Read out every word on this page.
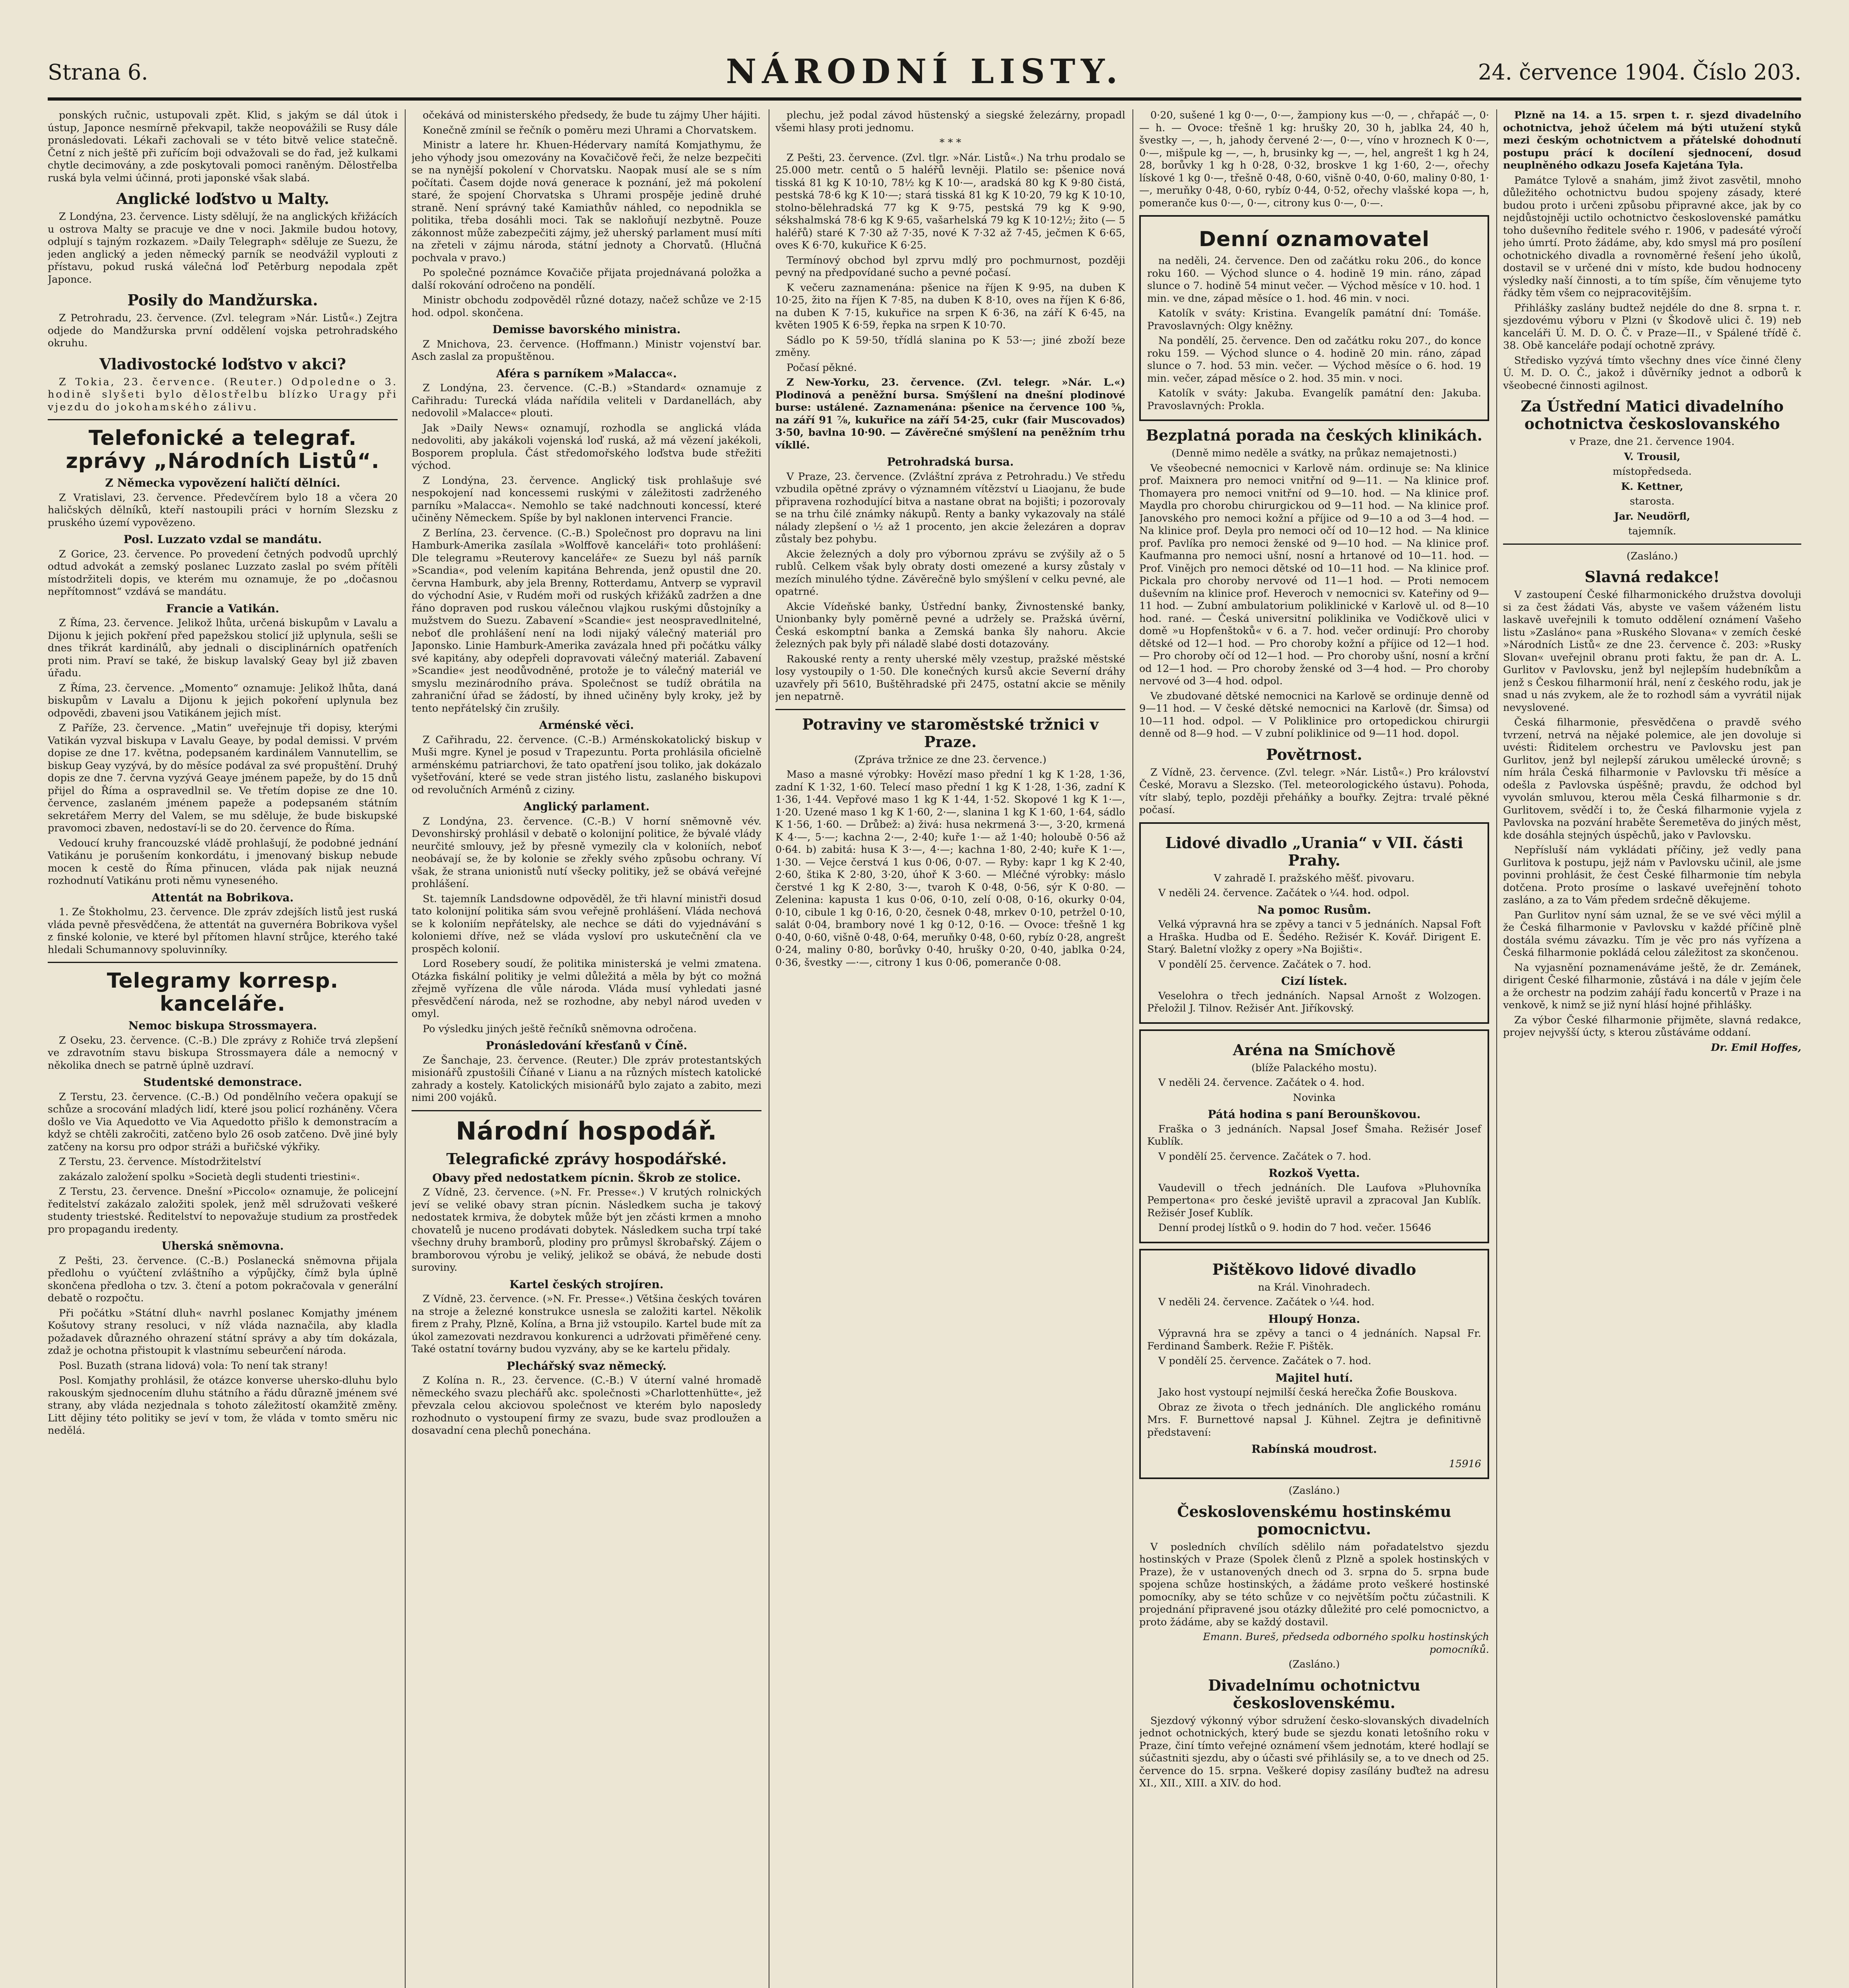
Strana 6.	NÁRODNÍ LISTY.	24. července 1904. Číslo 203.

ponských ručnic, ustupovali zpět. Klid, s jakým se dál útok i ústup, Japonce nesmírně překvapil, takže neopovážili se Rusy dále pronásledovati. Lékaři zachovali se v této bitvě velice statečně. Četní z nich ještě při zuřícím boji odvažovali se do řad, jež kulkami chytle decimovány, a zde poskytovali pomoci raněným. Dělostřelba ruská byla velmi účinná, proti japonské však slabá.

Anglické loďstvo u Malty.

Z Londýna, 23. července. Listy sdělují, že na anglických křižácích u ostrova Malty se pracuje ve dne v noci. Jakmile budou hotovy, odplují s tajným rozkazem. »Daily Telegraph« sděluje ze Suezu, že jeden anglický a jeden německý parník se neodvážil vyplouti z přístavu, pokud ruská válečná loď Petěrburg nepodala zpět Japonce.

Posily do Mandžurska.

Z Petrohradu, 23. července. (Zvl. telegram »Nár. Listů«.) Zejtra odjede do Mandžurska první oddělení vojska petrohradského okruhu.

Vladivostocké loďstvo v akci?

Z Tokia, 23. července. (Reuter.) Odpoledne o 3. hodině slyšeti bylo dělostřelbu blízko Uragy při vjezdu do jokohamského zálivu.

Telefonické a telegraf. zprávy „Národních Listů“.
Z Německa vypovězení haličtí dělníci.

Z Vratislavi, 23. července. Předevčírem bylo 18 a včera 20 haličských dělníků, kteří nastoupili práci v horním Slezsku z pruského území vypovězeno.

Posl. Luzzato vzdal se mandátu.

Z Gorice, 23. července. Po provedení četných podvodů uprchlý odtud advokát a zemský poslanec Luzzato zaslal po svém přítěli místodržiteli dopis, ve kterém mu oznamuje, že po „dočasnou nepřítomnost“ vzdává se mandátu.

Francie a Vatikán.

Z Říma, 23. července. Jelikož lhůta, určená biskupům v Lavalu a Dijonu k jejich pokření před papežskou stolicí již uplynula, sešli se dnes třikrát kardinálů, aby jednali o disciplinárních opatřeních proti nim. Praví se také, že biskup lavalský Geay byl již zbaven úřadu.

Z Říma, 23. července. „Momento“ oznamuje: Jelikož lhůta, daná biskupům v Lavalu a Dijonu k jejich pokoření uplynula bez odpovědi, zbaveni jsou Vatikánem jejich míst.

Z Paříže, 23. července. „Matin“ uveřejnuje tři dopisy, kterými Vatikán vyzval biskupa v Lavalu Geaye, by podal demissi. V prvém dopise ze dne 17. května, podepsaném kardinálem Vannutellim, se biskup Geay vyzývá, by do měsíce podával za své propuštění. Druhý dopis ze dne 7. června vyzývá Geaye jménem papeže, by do 15 dnů přijel do Říma a ospravedlnil se. Ve třetím dopise ze dne 10. července, zaslaném jménem papeže a podepsaném státním sekretářem Merry del Valem, se mu sděluje, že bude biskupské pravomoci zbaven, nedostaví-li se do 20. července do Říma.

Vedoucí kruhy francouzské vládě prohlašují, že podobné jednání Vatikánu je porušením konkordátu, i jmenovaný biskup nebude mocen k cestě do Říma přinucen, vláda pak nijak neuzná rozhodnutí Vatikánu proti němu vyneseného.

Attentát na Bobrikova.

1. Ze Štokholmu, 23. července. Dle zpráv zdejších listů jest ruská vláda pevně přesvědčena, že attentát na guvernéra Bobrikova vyšel z finské kolonie, ve které byl přítomen hlavní strůjce, kterého také hledali Schumannovy spoluvinníky.

Telegramy korresp. kanceláře.
Nemoc biskupa Strossmayera.

Z Oseku, 23. července. (C.-B.) Dle zprávy z Rohiče trvá zlepšení ve zdravotním stavu biskupa Strossmayera dále a nemocný v několika dnech se patrně úplně uzdraví.

Studentské demonstrace.

Z Terstu, 23. července. (C.-B.) Od pondělního večera opakují se schůze a srocování mladých lidí, které jsou policí rozháněny. Včera došlo ve Via Aquedotto ve Via Aquedotto přišlo k demonstracím a když se chtěli zakročiti, zatčeno bylo 26 osob zatčeno. Dvě jiné byly zatčeny na korsu pro odpor stráži a buřičské výkřiky.

Z Terstu, 23. července. Místodržitelství

zakázalo založení spolku »Società degli studenti triestini«.

Z Terstu, 23. července. Dnešní »Piccolo« oznamuje, že policejní ředitelství zakázalo založiti spolek, jenž měl sdružovati veškeré studenty triestské. Ředitelství to nepovažuje studium za prostředek pro propagandu iredenty.

Uherská sněmovna.

Z Pešti, 23. července. (C.-B.) Poslanecká sněmovna přijala předlohu o vyúčtení zvláštního a výpůjčky, čímž byla úplně skončena předloha o tzv. 3. čtení a potom pokračovala v generální debatě o rozpočtu.

Při počátku »Státní dluh« navrhl poslanec Komjathy jménem Košutovy strany resoluci, v níž vláda naznačila, aby kladla požadavek důrazného ohrazení státní správy a aby tím dokázala, zdaž je ochotna přistoupit k vlastnímu sebeurčení národa.

Posl. Buzath (strana lidová) vola: To není tak strany!

Posl. Komjathy prohlásil, že otázce konverse uhersko-dluhu bylo rakouským sjednocením dluhu státního a řádu důrazně jménem své strany, aby vláda nezjednala s tohoto záležitostí okamžitě změny. Litt dějiny této politiky se jeví v tom, že vláda v tomto směru nic nedělá.

očekává od ministerského předsedy, že bude tu zájmy Uher hájiti.

Konečně zmínil se řečník o poměru mezi Uhrami a Chorvatskem.

Ministr a latere hr. Khuen-Hédervary namítá Komjathymu, že jeho výhody jsou omezovány na Kovačičově řeči, že nelze bezpečiti se na nynější pokolení v Chorvatsku. Naopak musí ale se s ním počítati. Časem dojde nová generace k poznání, jež má pokolení staré, že spojení Chorvatska s Uhrami prospěje jedině druhé straně. Není správný také Kamiathův náhled, co nepodnikla se politika, třeba dosáhli moci. Tak se nakloňují nezbytně. Pouze zákonnost může zabezpečiti zájmy, jež uherský parlament musí míti na zřeteli v zájmu národa, státní jednoty a Chorvatů. (Hlučná pochvala v pravo.)

Po společné poznámce Kovačiče přijata projednávaná položka a další rokování odročeno na pondělí.

Ministr obchodu zodpověděl různé dotazy, načež schůze ve 2·15 hod. odpol. skončena.

Demisse bavorského ministra.

Z Mnichova, 23. července. (Hoffmann.) Ministr vojenství bar. Asch zaslal za propuštěnou.

Aféra s parníkem »Malacca«.

Z Londýna, 23. července. (C.-B.) »Standard« oznamuje z Cařihradu: Turecká vláda nařídila veliteli v Dardanellách, aby nedovolil »Malacce« plouti.

Jak »Daily News« oznamují, rozhodla se anglická vláda nedovoliti, aby jakákoli vojenská loď ruská, až má vězení jakékoli, Bosporem proplula. Část středomořského loďstva bude střežiti východ.

Z Londýna, 23. července. Anglický tisk prohlašuje své nespokojení nad koncessemi ruskými v záležitosti zadrženého parníku »Malacca«. Nemohlo se také nadchnouti koncessí, které učiněny Německem. Spíše by byl naklonen intervenci Francie.

Z Berlína, 23. července. (C.-B.) Společnost pro dopravu na lini Hamburk-Amerika zasílala »Wolffově kanceláři« toto prohlášení: Dle telegramu »Reuterovy kanceláře« ze Suezu byl náš parník »Scandia«, pod velením kapitána Behrenda, jenž opustil dne 20. června Hamburk, aby jela Brenny, Rotterdamu, Antverp se vypravil do východní Asie, v Rudém moři od ruských křižáků zadržen a dne řáno dopraven pod ruskou válečnou vlajkou ruskými důstojníky a mužstvem do Suezu. Zabavení »Scandie« jest neospravedlnitelné, neboť dle prohlášení není na lodi nijaký válečný materiál pro Japonsko. Linie Hamburk-Amerika zavázala hned při počátku války své kapitány, aby odepřeli dopravovati válečný materiál. Zabavení »Scandie« jest neodůvodněné, protože je to válečný materiál ve smyslu mezinárodního práva. Společnost se tudíž obrátila na zahraniční úřad se žádostí, by ihned učiněny byly kroky, jež by tento nepřátelský čin zrušily.

Arménské věci.

Z Cařihradu, 22. července. (C.-B.) Arménskokatolický biskup v Muši mgre. Kynel je posud v Trapezuntu. Porta prohlásila oficielně arménskému patriarchovi, že tato opatření jsou toliko, jak dokázalo vyšetřování, které se vede stran jistého listu, zaslaného biskupovi od revolučních Arménů z ciziny.

Anglický parlament.

Z Londýna, 23. července. (C.-B.) V horní sněmovně vév. Devonshirský prohlásil v debatě o kolonijní politice, že bývalé vlády neurčité smlouvy, jež by přesně vymezily cla v koloniích, neboť neobávají se, že by kolonie se zřekly svého způsobu ochrany. Ví však, že strana unionistů nutí všecky politiky, jež se obává veřejné prohlášení.

St. tajemník Landsdowne odpověděl, že tři hlavní ministři dosud tato kolonijní politika sám svou veřejně prohlášení. Vláda nechová se k koloniím nepřátelsky, ale nechce se dáti do vyjednávání s koloniemi dříve, než se vláda vysloví pro uskutečnění cla ve prospěch kolonií.

Lord Rosebery soudí, že politika ministerská je velmi zmatena. Otázka fiskální politiky je velmi důležitá a měla by být co možná zřejmě vyřízena dle vůle národa. Vláda musí vyhledati jasné přesvědčení národa, než se rozhodne, aby nebyl národ uveden v omyl.

Po výsledku jiných ještě řečníků sněmovna odročena.

Pronásledování křesťanů v Číně.

Ze Šanchaje, 23. července. (Reuter.) Dle zpráv protestantských misionářů zpustošili Číňané v Lianu a na různých místech katolické zahrady a kostely. Katolických misionářů bylo zajato a zabito, mezi nimi 200 vojáků.

Národní hospodář.
Telegrafické zprávy hospodářské.
Obavy před nedostatkem pícnin. Škrob ze stolice.

Z Vídně, 23. července. (»N. Fr. Presse«.) V krutých rolnických jeví se veliké obavy stran pícnin. Následkem sucha je takový nedostatek krmiva, že dobytek může být jen zčásti krmen a mnoho chovatelů je nuceno prodávati dobytek. Následkem sucha trpí také všechny druhy bramborů, plodiny pro průmysl škrobařský. Zájem o bramborovou výrobu je veliký, jelikož se obává, že nebude dosti suroviny.

Kartel českých strojíren.

Z Vídně, 23. července. (»N. Fr. Presse«.) Většina českých továren na stroje a železné konstrukce usnesla se založiti kartel. Několik firem z Prahy, Plzně, Kolína, a Brna již vstoupilo. Kartel bude mít za úkol zamezovati nezdravou konkurenci a udržovati přiměřené ceny. Také ostatní továrny budou vyzvány, aby se ke kartelu přidaly.

Plechářský svaz německý.

Z Kolína n. R., 23. července. (C.-B.) V úterní valné hromadě německého svazu plechářů akc. společnosti »Charlottenhütte«, jež převzala celou akciovou společnost ve kterém bylo naposledy rozhodnuto o vystoupení firmy ze svazu, bude svaz prodloužen a dosavadní cena plechů ponechána.

plechu, jež podal závod hüstenský a siegské železárny, propadl všemi hlasy proti jednomu.

* * *

Z Pešti, 23. července. (Zvl. tlgr. »Nár. Listů«.) Na trhu prodalo se 25.000 metr. centů o 5 haléřů levněji. Platilo se: pšenice nová tisská 81 kg K 10·10, 78½ kg K 10·—, aradská 80 kg K 9·80 čistá, pestská 78·6 kg K 10·—; stará tisská 81 kg K 10·20, 79 kg K 10·10, stolno-bělehradská 77 kg K 9·75, pestská 79 kg K 9·90, sékshalmská 78·6 kg K 9·65, vašarhelská 79 kg K 10·12½; žito (— 5 haléřů) staré K 7·30 až 7·35, nové K 7·32 až 7·45, ječmen K 6·65, oves K 6·70, kukuřice K 6·25.

Termínový obchod byl zprvu mdlý pro pochmurnost, později pevný na předpovídané sucho a pevné počasí.

K večeru zaznamenána: pšenice na říjen K 9·95, na duben K 10·25, žito na říjen K 7·85, na duben K 8·10, oves na říjen K 6·86, na duben K 7·15, kukuřice na srpen K 6·36, na září K 6·45, na květen 1905 K 6·59, řepka na srpen K 10·70.

Sádlo po K 59·50, třídlá slanina po K 53·—; jiné zboží beze změny.

Počasí pěkné.

Z New-Yorku, 23. července. (Zvl. telegr. »Nár. L.«) Plodinová a peněžní bursa. Smýšlení na dnešní plodinové burse: ustálené. Zaznamenána: pšenice na července 100 ⅝, na září 91 ⅞, kukuřice na září 54·25, cukr (fair Muscovados) 3·50, bavlna 10·90. — Závěrečné smýšlení na peněžním trhu víkllé.

Petrohradská bursa.

V Praze, 23. července. (Zvláštní zpráva z Petrohradu.) Ve středu vzbudila opětné zprávy o významném vítězství u Liaojanu, že bude připravena rozhodující bitva a nastane obrat na bojišti; i pozorovaly se na trhu čilé známky nákupů. Renty a banky vykazovaly na stálé nálady zlepšení o ½ až 1 procento, jen akcie železáren a doprav zůstaly bez pohybu.

Akcie železných a doly pro výbornou zprávu se zvýšily až o 5 rublů. Celkem však byly obraty dosti omezené a kursy zůstaly v mezích minulého týdne. Závěrečně bylo smýšlení v celku pevné, ale opatrné.

Akcie Vídeňské banky, Ústřední banky, Živnostenské banky, Unionbanky byly poměrně pevné a udržely se. Pražská úvěrní, Česká eskomptní banka a Zemská banka šly nahoru. Akcie železných pak byly při náladě slabé dosti dotazovány.

Rakouské renty a renty uherské měly vzestup, pražské městské losy vystoupily o 1·50. Dle konečných kursů akcie Severní dráhy uzavřely při 5610, Buštěhradské při 2475, ostatní akcie se měnily jen nepatrně.

Potraviny ve staroměstské tržnici v Praze.

(Zpráva tržnice ze dne 23. července.)

Maso a masné výrobky: Hovězí maso přední 1 kg K 1·28, 1·36, zadní K 1·32, 1·60. Telecí maso přední 1 kg K 1·28, 1·36, zadní K 1·36, 1·44. Vepřové maso 1 kg K 1·44, 1·52. Skopové 1 kg K 1·—, 1·20. Uzené maso 1 kg K 1·60, 2·—, slanina 1 kg K 1·60, 1·64, sádlo K 1·56, 1·60. — Drůbež: a) živá: husa nekrmená 3·—, 3·20, krmená K 4·—, 5·—; kachna 2·—, 2·40; kuře 1·— až 1·40; holoubě 0·56 až 0·64. b) zabitá: husa K 3·—, 4·—; kachna 1·80, 2·40; kuře K 1·—, 1·30. — Vejce čerstvá 1 kus 0·06, 0·07. — Ryby: kapr 1 kg K 2·40, 2·60, štika K 2·80, 3·20, úhoř K 3·60. — Mléčné výrobky: máslo čerstvé 1 kg K 2·80, 3·—, tvaroh K 0·48, 0·56, sýr K 0·80. — Zelenina: kapusta 1 kus 0·06, 0·10, zelí 0·08, 0·16, okurky 0·04, 0·10, cibule 1 kg 0·16, 0·20, česnek 0·48, mrkev 0·10, petržel 0·10, salát 0·04, brambory nové 1 kg 0·12, 0·16. — Ovoce: třešně 1 kg 0·40, 0·60, višně 0·48, 0·64, meruňky 0·48, 0·60, rybíz 0·28, angrešt 0·24, maliny 0·80, borůvky 0·40, hrušky 0·20, 0·40, jablka 0·24, 0·36, švestky —·—, citrony 1 kus 0·06, pomeranče 0·08.

0·20, sušené 1 kg 0·—, 0·—, žampiony kus —·0, — , chřapáč —, 0·— h. — Ovoce: třešně 1 kg: hrušky 20, 30 h, jablka 24, 40 h, švestky —, —, h, jahody červené 2·—, 0·—, víno v hroznech K 0·—, 0·—, mišpule kg —, —, h, brusinky kg —, —, hel, angrešt 1 kg h 24, 28, borůvky 1 kg h 0·28, 0·32, broskve 1 kg 1·60, 2·—, ořechy lískové 1 kg 0·—, třešně 0·48, 0·60, višně 0·40, 0·60, maliny 0·80, 1·—, meruňky 0·48, 0·60, rybíz 0·44, 0·52, ořechy vlašské kopa —, h, pomeranče kus 0·—, 0·—, citrony kus 0·—, 0·—.

Denní oznamovatel

na neděli, 24. července. Den od začátku roku 206., do konce roku 160. — Východ slunce o 4. hodině 19 min. ráno, západ slunce o 7. hodině 54 minut večer. — Východ měsíce v 10. hod. 1 min. ve dne, západ měsíce o 1. hod. 46 min. v noci.

Katolík v sváty: Kristina. Evangelík památní dní: Tomáše. Pravoslavných: Olgy kněžny.

Na pondělí, 25. července. Den od začátku roku 207., do konce roku 159. — Východ slunce o 4. hodině 20 min. ráno, západ slunce o 7. hod. 53 min. večer. — Východ měsíce o 6. hod. 19 min. večer, západ měsíce o 2. hod. 35 min. v noci.

Katolík v sváty: Jakuba. Evangelík památní den: Jakuba. Pravoslavných: Prokla.

Bezplatná porada na českých klinikách.

(Denně mimo neděle a svátky, na průkaz nemajetnosti.)

Ve všeobecné nemocnici v Karlově nám. ordinuje se: Na klinice prof. Maixnera pro nemoci vnitřní od 9—11. — Na klinice prof. Thomayera pro nemoci vnitřní od 9—10. hod. — Na klinice prof. Maydla pro chorobu chirurgickou od 9—11 hod. — Na klinice prof. Janovského pro nemoci kožní a příjice od 9—10 a od 3—4 hod. — Na klinice prof. Deyla pro nemoci očí od 10—12 hod. — Na klinice prof. Pavlíka pro nemoci ženské od 9—10 hod. — Na klinice prof. Kaufmanna pro nemoci ušní, nosní a hrtanové od 10—11. hod. — Prof. Vinějch pro nemoci dětské od 10—11 hod. — Na klinice prof. Pickala pro choroby nervové od 11—1 hod. — Proti nemocem duševním na klinice prof. Heveroch v nemocnici sv. Kateřiny od 9—11 hod. — Zubní ambulatorium poliklinické v Karlově ul. od 8—10 hod. rané. — Česká universitní poliklinika ve Vodičkově ulici v domě »u Hopfenštoků« v 6. a 7. hod. večer ordinují: Pro choroby dětské od 12—1 hod. — Pro choroby kožní a příjice od 12—1 hod. — Pro choroby očí od 12—1 hod. — Pro choroby ušní, nosní a krční od 12—1 hod. — Pro choroby ženské od 3—4 hod. — Pro choroby nervové od 3—4 hod. odpol.

Ve zbudované dětské nemocnici na Karlově se ordinuje denně od 9—11 hod. — V české dětské nemocnici na Karlově (dr. Šimsa) od 10—11 hod. odpol. — V Poliklinice pro ortopedickou chirurgii denně od 8—9 hod. — V zubní poliklinice od 9—11 hod. dopol.

Povětrnost.

Z Vídně, 23. července. (Zvl. telegr. »Nár. Listů«.) Pro království České, Moravu a Slezsko. (Tel. meteorologického ústavu). Pohoda, vítr slabý, teplo, později přeháňky a bouřky. Zejtra: trvalé pěkné počasí.

Lidové divadlo „Urania“ v VII. části Prahy.

V zahradě I. pražského měšť. pivovaru.

V neděli 24. července. Začátek o ¼4. hod. odpol.

Na pomoc Rusům.

Velká výpravná hra se zpěvy a tanci v 5 jednáních. Napsal Foft a Hraška. Hudba od E. Šedého. Režisér K. Kovář. Dirigent E. Starý. Baletní vložky z opery »Na Bojišti«.

V pondělí 25. července. Začátek o 7. hod.

Cizí lístek.

Veselohra o třech jednáních. Napsal Arnošt z Wolzogen. Přeložil J. Tilnov. Režisér Ant. Jiříkovský.

Aréna na Smíchově

(blíže Palackého mostu).

V neděli 24. července. Začátek o 4. hod.

Novinka

Pátá hodina s paní Berounškovou.

Fraška o 3 jednáních. Napsal Josef Šmaha. Režisér Josef Kublík.

V pondělí 25. července. Začátek o 7. hod.

Rozkoš Vyetta.

Vaudevill o třech jednáních. Dle Laufova »Pluhovníka Pempertona« pro české jeviště upravil a zpracoval Jan Kublík. Režisér Josef Kublík.

Denní prodej lístků o 9. hodin do 7 hod. večer. 15646

Pištěkovo lidové divadlo

na Král. Vinohradech.

V neděli 24. července. Začátek o ¼4. hod.

Hloupý Honza.

Výpravná hra se zpěvy a tanci o 4 jednáních. Napsal Fr. Ferdinand Šamberk. Režie F. Pištěk.

V pondělí 25. července. Začátek o 7. hod.

Majitel hutí.

Jako host vystoupí nejmilší česká herečka Žofie Bouskova.

Obraz ze života o třech jednáních. Dle anglického románu Mrs. F. Burnettové napsal J. Kühnel. Zejtra je definitivně představení:

Rabínská moudrost.

15916

(Zasláno.)

Československému hostinskému pomocnictvu.

V posledních chvílích sdělilo nám pořadatelstvo sjezdu hostinských v Praze (Spolek členů z Plzně a spolek hostinských v Praze), že v ustanovených dnech od 3. srpna do 5. srpna bude spojena schůze hostinských, a žádáme proto veškeré hostinské pomocníky, aby se této schůze v co největším počtu zúčastnili. K projednání připravené jsou otázky důležité pro celé pomocnictvo, a proto žádáme, aby se každý dostavil.

Emann. Bureš, předseda odborného spolku hostinských pomocníků.

(Zasláno.)

Divadelnímu ochotnictvu československému.

Sjezdový výkonný výbor sdružení česko-slovanských divadelních jednot ochotnických, který bude se sjezdu konati letošního roku v Praze, činí tímto veřejné oznámení všem jednotám, které hodlají se súčastniti sjezdu, aby o účasti své přihlásily se, a to ve dnech od 25. července do 15. srpna. Veškeré dopisy zasílány buďtež na adresu XI., XII., XIII. a XIV. do hod.

Plzně na 14. a 15. srpen t. r. sjezd divadelního ochotnictva, jehož účelem má býti utužení styků mezi českým ochotnictvem a přátelské dohodnutí postupu prácí k docílení sjednocení, dosud neuplněného odkazu Josefa Kajetána Tyla.

Památce Tylově a snahám, jimž život zasvětil, mnoho důležitého ochotnictvu budou spojeny zásady, které budou proto i určeni způsobu připravné akce, jak by co nejdůstojněji uctilo ochotnictvo československé památku toho duševního ředitele svého r. 1906, v padesáté výročí jeho úmrtí. Proto žádáme, aby, kdo smysl má pro posílení ochotnického divadla a rovnoměrné řešení jeho úkolů, dostavil se v určené dni v místo, kde budou hodnoceny výsledky naší činnosti, a to tím spíše, čím věnujeme tyto řádky těm všem co nejpracovitějším.

Přihlášky zaslány budtež nejdéle do dne 8. srpna t. r. sjezdovému výboru v Plzni (v Škodově ulici č. 19) neb kanceláři Ú. M. D. O. Č. v Praze—II., v Spálené třídě č. 38. Obě kanceláře podají ochotně zprávy.

Středisko vyzývá tímto všechny dnes více činné členy Ú. M. D. O. Č., jakož i důvěrníky jednot a odborů k všeobecné činnosti agilnost.

Za Ústřední Matici divadelního ochotnictva českoslovanského

v Praze, dne 21. července 1904.

V. Trousil,

místopředseda.

K. Kettner,

starosta.

Jar. Neudörfl,

tajemník.

(Zasláno.)

Slavná redakce!

V zastoupení České filharmonického družstva dovoluji si za čest žádati Vás, abyste ve vašem váženém listu laskavě uveřejnili k tomuto oddělení oznámení Vašeho listu »Zasláno« pana »Ruského Slovana« v zemích české »Národních Listů« ze dne 23. července č. 203: »Rusky Slovan« uveřejnil obranu proti faktu, že pan dr. A. L. Gurlitov v Pavlovsku, jenž byl nejlepším hudebníkům a jenž s Českou filharmonií hrál, není z českého rodu, jak je snad u nás zvykem, ale že to rozhodl sám a vyvrátil nijak nevyslovené.

Česká filharmonie, přesvědčena o pravdě svého tvrzení, netrvá na nějaké polemice, ale jen dovoluje si uvésti: Řiditelem orchestru ve Pavlovsku jest pan Gurlitov, jenž byl nejlepší zárukou umělecké úrovně; s ním hrála Česká filharmonie v Pavlovsku tři měsíce a odešla z Pavlovska úspěšně; pravdu, že odchod byl vyvolán smluvou, kterou měla Česká filharmonie s dr. Gurlitovem, svědčí i to, že Česká filharmonie vyjela z Pavlovska na pozvání hraběte Šeremetěva do jiných měst, kde dosáhla stejných úspěchů, jako v Pavlovsku.

Nepřísluší nám vykládati příčiny, jež vedly pana Gurlitova k postupu, jejž nám v Pavlovsku učinil, ale jsme povinni prohlásit, že čest České filharmonie tím nebyla dotčena. Proto prosíme o laskavé uveřejnění tohoto zasláno, a za to Vám předem srdečně děkujeme.

Pan Gurlitov nyní sám uznal, že se ve své věci mýlil a že Česká filharmonie v Pavlovsku v každé příčině plně dostála svému závazku. Tím je věc pro nás vyřízena a Česká filharmonie pokládá celou záležitost za skončenou.

Na vyjasnění poznamenáváme ještě, že dr. Zemánek, dirigent České filharmonie, zůstává i na dále v jejím čele a že orchestr na podzim zahájí řadu koncertů v Praze i na venkově, k nimž se již nyní hlásí hojné přihlášky.

Za výbor České filharmonie přijměte, slavná redakce, projev nejvyšší úcty, s kterou zůstáváme oddaní.

Dr. Emil Hoffes,
